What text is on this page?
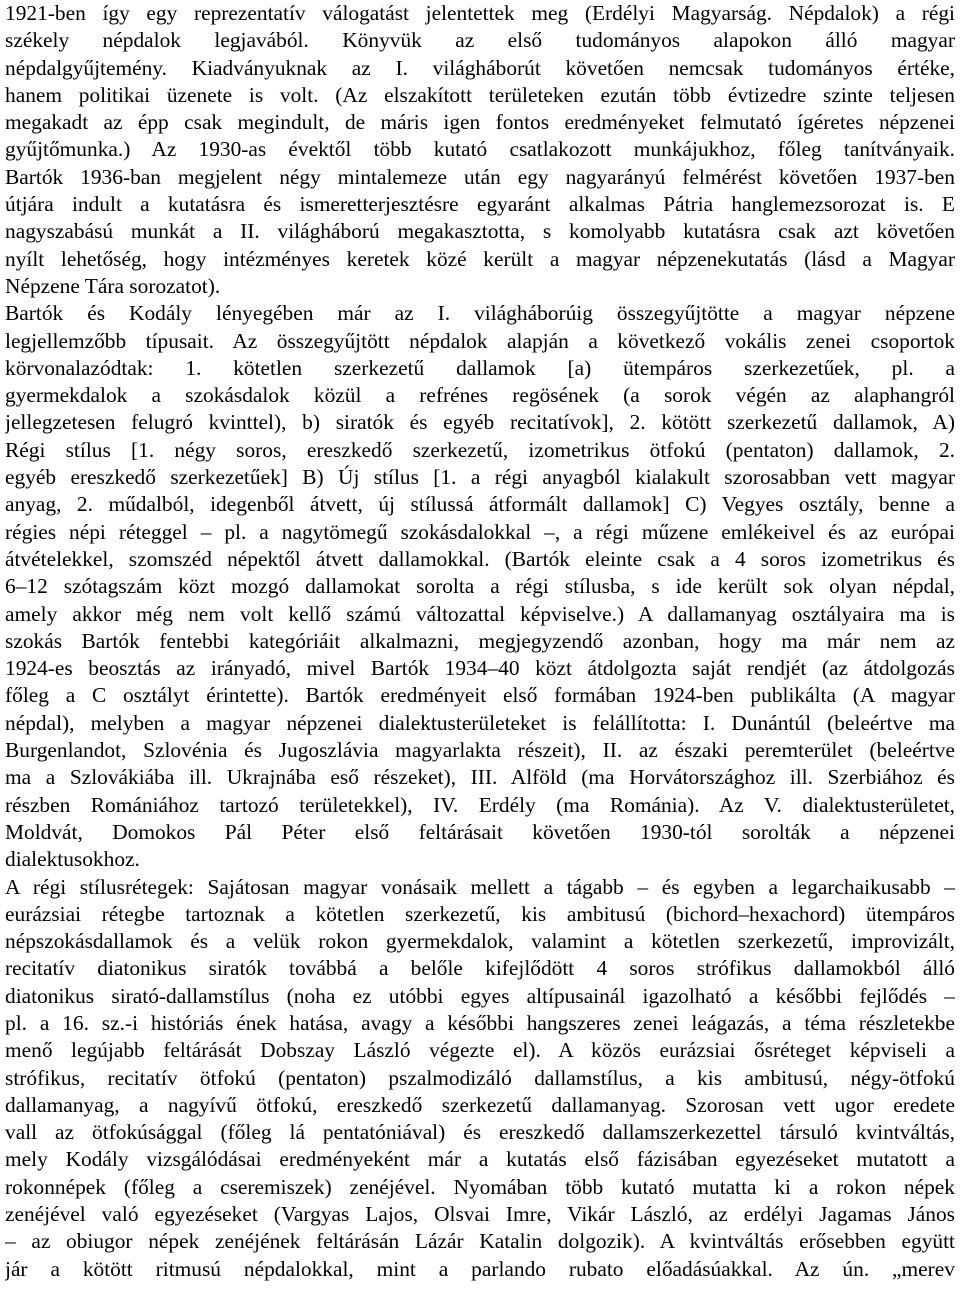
1921-ben így egy reprezentatív válogatást jelentettek meg (Erdélyi Magyarság. Népdalok) a régi
székely népdalok legjavából. Könyvük az első tudományos alapokon álló magyar
népdalgyűjtemény. Kiadványuknak az I. világháborút követően nemcsak tudományos értéke,
hanem politikai üzenete is volt. (Az elszakított területeken ezután több évtizedre szinte teljesen
megakadt az épp csak megindult, de máris igen fontos eredményeket felmutató ígéretes népzenei
gyűjtőmunka.) Az 1930-as évektől több kutató csatlakozott munkájukhoz, főleg tanítványaik.
Bartók 1936-ban megjelent négy mintalemeze után egy nagyarányú felmérést követően 1937-ben
útjára indult a kutatásra és ismeretterjesztésre egyaránt alkalmas Pátria hanglemezsorozat is. E
nagyszabású munkát a II. világháború megakasztotta, s komolyabb kutatásra csak azt követően
nyílt lehetőség, hogy intézményes keretek közé került a magyar népzenekutatás (lásd a Magyar
Népzene Tára sorozatot).
Bartók és Kodály lényegében már az I. világháborúig összegyűjtötte a magyar népzene
legjellemzőbb típusait. Az összegyűjtött népdalok alapján a következő vokális zenei csoportok
körvonalazódtak: 1. kötetlen szerkezetű dallamok [a) ütempáros szerkezetűek, pl. a
gyermekdalok a szokásdalok közül a refrénes regösének (a sorok végén az alaphangról
jellegzetesen felugró kvinttel), b) siratók és egyéb recitatívok], 2. kötött szerkezetű dallamok, A)
Régi stílus [1. négy soros, ereszkedő szerkezetű, izometrikus ötfokú (pentaton) dallamok, 2.
egyéb ereszkedő szerkezetűek] B) Új stílus [1. a régi anyagból kialakult szorosabban vett magyar
anyag, 2. műdalból, idegenből átvett, új stílussá átformált dallamok] C) Vegyes osztály, benne a
régies népi réteggel – pl. a nagytömegű szokásdalokkal –, a régi műzene emlékeivel és az európai
átvételekkel, szomszéd népektől átvett dallamokkal. (Bartók eleinte csak a 4 soros izometrikus és
6–12 szótagszám közt mozgó dallamokat sorolta a régi stílusba, s ide került sok olyan népdal,
amely akkor még nem volt kellő számú változattal képviselve.) A dallamanyag osztályaira ma is
szokás Bartók fentebbi kategóriáit alkalmazni, megjegyzendő azonban, hogy ma már nem az
1924-es beosztás az irányadó, mivel Bartók 1934–40 közt átdolgozta saját rendjét (az átdolgozás
főleg a C osztályt érintette). Bartók eredményeit első formában 1924-ben publikálta (A magyar
népdal), melyben a magyar népzenei dialektusterületeket is felállította: I. Dunántúl (beleértve ma
Burgenlandot, Szlovénia és Jugoszlávia magyarlakta részeit), II. az északi peremterület (beleértve
ma a Szlovákiába ill. Ukrajnába eső részeket), III. Alföld (ma Horvátországhoz ill. Szerbiához és
részben Romániához tartozó területekkel), IV. Erdély (ma Románia). Az V. dialektusterületet,
Moldvát, Domokos Pál Péter első feltárásait követően 1930-tól sorolták a népzenei
dialektusokhoz.
A régi stílusrétegek: Sajátosan magyar vonásaik mellett a tágabb – és egyben a legarchaikusabb –
eurázsiai rétegbe tartoznak a kötetlen szerkezetű, kis ambitusú (bichord–hexachord) ütempáros
népszokásdallamok és a velük rokon gyermekdalok, valamint a kötetlen szerkezetű, improvizált,
recitatív diatonikus siratók továbbá a belőle kifejlődött 4 soros strófikus dallamokból álló
diatonikus sirató-dallamstílus (noha ez utóbbi egyes altípusainál igazolható a későbbi fejlődés –
pl. a 16. sz.-i históriás ének hatása, avagy a későbbi hangszeres zenei leágazás, a téma részletekbe
menő legújabb feltárását Dobszay László végezte el). A közös eurázsiai ősréteget képviseli a
strófikus, recitatív ötfokú (pentaton) pszalmodizáló dallamstílus, a kis ambitusú, négy-ötfokú
dallamanyag, a nagyívű ötfokú, ereszkedő szerkezetű dallamanyag. Szorosan vett ugor eredete
vall az ötfokúsággal (főleg lá pentatóniával) és ereszkedő dallamszerkezettel társuló kvintváltás,
mely Kodály vizsgálódásai eredményeként már a kutatás első fázisában egyezéseket mutatott a
rokonnépek (főleg a cseremiszek) zenéjével. Nyomában több kutató mutatta ki a rokon népek
zenéjével való egyezéseket (Vargyas Lajos, Olsvai Imre, Vikár László, az erdélyi Jagamas János
– az obiugor népek zenéjének feltárásán Lázár Katalin dolgozik). A kvintváltás erősebben együtt
jár a kötött ritmusú népdalokkal, mint a parlando rubato előadásúakkal. Az ún. „merev
